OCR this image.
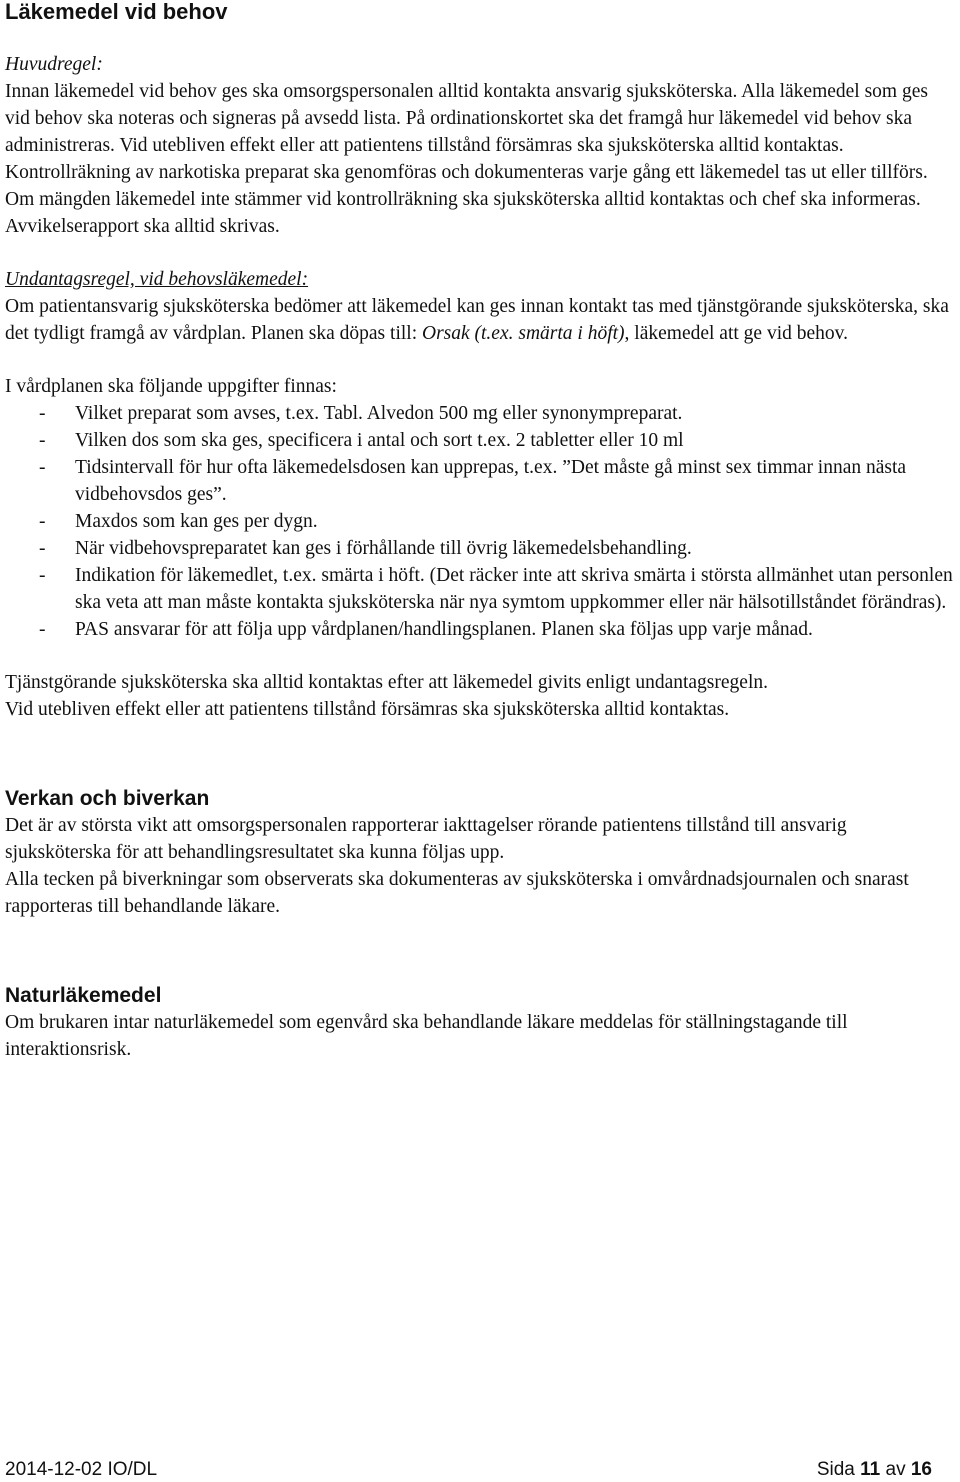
Läkemedel vid behov

Huvudregel:

Innan läkemedel vid behov ges ska omsorgspersonalen alltid kontakta ansvarig sjuksköterska. Alla läkemedel som ges vid behov ska noteras och signeras på avsedd lista. På ordinationskortet ska det framgå hur läkemedel vid behov ska administreras. Vid utebliven effekt eller att patientens tillstånd försämras ska sjuksköterska alltid kontaktas. Kontrollräkning av narkotiska preparat ska genomföras och dokumenteras varje gång ett läkemedel tas ut eller tillförs. Om mängden läkemedel inte stämmer vid kontrollräkning ska sjuksköterska alltid kontaktas och chef ska informeras. Avvikelserapport ska alltid skrivas.

Undantagsregel, vid behovsläkemedel:

Om patientansvarig sjuksköterska bedömer att läkemedel kan ges innan kontakt tas med tjänstgörande sjuksköterska, ska det tydligt framgå av vårdplan. Planen ska döpas till: Orsak (t.ex. smärta i höft), läkemedel att ge vid behov.

I vårdplanen ska följande uppgifter finnas:

- Vilket preparat som avses, t.ex. Tabl. Alvedon 500 mg eller synonympreparat.
- Vilken dos som ska ges, specificera i antal och sort t.ex. 2 tabletter eller 10 ml
- Tidsintervall för hur ofta läkemedelsdosen kan upprepas, t.ex. ”Det måste gå minst sex timmar innan nästa vidbehovsdos ges”.
- Maxdos som kan ges per dygn.
- När vidbehovspreparatet kan ges i förhållande till övrig läkemedelsbehandling.
- Indikation för läkemedlet, t.ex. smärta i höft. (Det räcker inte att skriva smärta i största allmänhet utan personlen ska veta att man måste kontakta sjuksköterska när nya symtom uppkommer eller när hälsotillståndet förändras).
- PAS ansvarar för att följa upp vårdplanen/handlingsplanen. Planen ska följas upp varje månad.

Tjänstgörande sjuksköterska ska alltid kontaktas efter att läkemedel givits enligt undantagsregeln.

Vid utebliven effekt eller att patientens tillstånd försämras ska sjuksköterska alltid kontaktas.

Verkan och biverkan

Det är av största vikt att omsorgspersonalen rapporterar iakttagelser rörande patientens tillstånd till ansvarig sjuksköterska för att behandlingsresultatet ska kunna följas upp.

Alla tecken på biverkningar som observerats ska dokumenteras av sjuksköterska i omvårdnadsjournalen och snarast rapporteras till behandlande läkare.

Naturläkemedel

Om brukaren intar naturläkemedel som egenvård ska behandlande läkare meddelas för ställningstagande till interaktionsrisk.

2014-12-02 IO/DL	Sida 11 av 16
